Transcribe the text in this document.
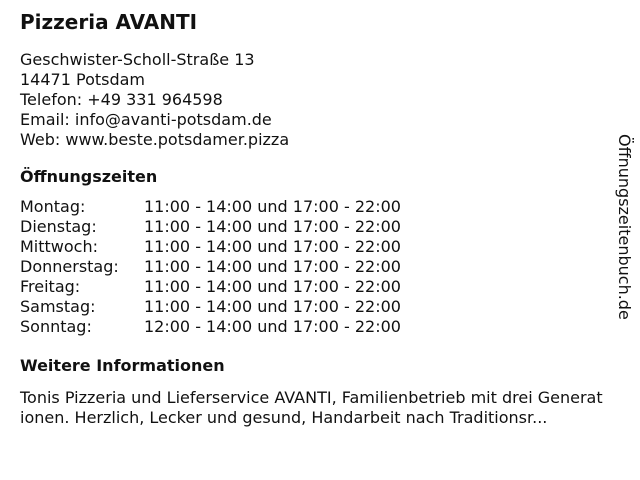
Pizzeria AVANTI
Geschwister-Scholl-Straße 13
14471 Potsdam
Telefon: +49 331 964598
Email: info@avanti-potsdam.de
Web: www.beste.potsdamer.pizza
Öffnungszeiten
Montag:	11:00 - 14:00 und 17:00 - 22:00
Dienstag:	11:00 - 14:00 und 17:00 - 22:00
Mittwoch:	11:00 - 14:00 und 17:00 - 22:00
Donnerstag:	11:00 - 14:00 und 17:00 - 22:00
Freitag:	11:00 - 14:00 und 17:00 - 22:00
Samstag:	11:00 - 14:00 und 17:00 - 22:00
Sonntag:	12:00 - 14:00 und 17:00 - 22:00
Weitere Informationen
Tonis Pizzeria und Lieferservice AVANTI, Familienbetrieb mit drei Generationen. Herzlich, Lecker und gesund, Handarbeit nach Traditionsr...
Öffnungszeitenbuch.de
